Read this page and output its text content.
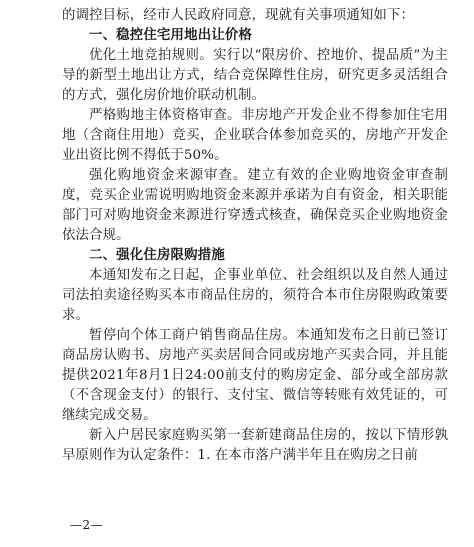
的调控目标，经市人民政府同意，现就有关事项通知如下：

一、稳控住宅用地出让价格

优化土地竞拍规则。实行以“限房价、控地价、提品质”为主导的新型土地出让方式，结合竞保障性住房，研究更多灵活组合的方式，强化房价地价联动机制。

严格购地主体资格审查。非房地产开发企业不得参加住宅用地（含商住用地）竞买，企业联合体参加竞买的，房地产开发企业出资比例不得低于50%。

强化购地资金来源审查。建立有效的企业购地资金审查制度，竞买企业需说明购地资金来源并承诺为自有资金，相关职能部门可对购地资金来源进行穿透式核查，确保竞买企业购地资金依法合规。

二、强化住房限购措施

本通知发布之日起，企事业单位、社会组织以及自然人通过司法拍卖途径购买本市商品住房的，须符合本市住房限购政策要求。

暂停向个体工商户销售商品住房。本通知发布之日前已签订商品房认购书、房地产买卖居间合同或房地产买卖合同，并且能提供2021年8月1日24:00前支付的购房定金、部分或全部房款（不含现金支付）的银行、支付宝、微信等转账有效凭证的，可继续完成交易。

新入户居民家庭购买第一套新建商品住房的，按以下情形孰早原则作为认定条件：1. 在本市落户满半年且在购房之日前

—2—
